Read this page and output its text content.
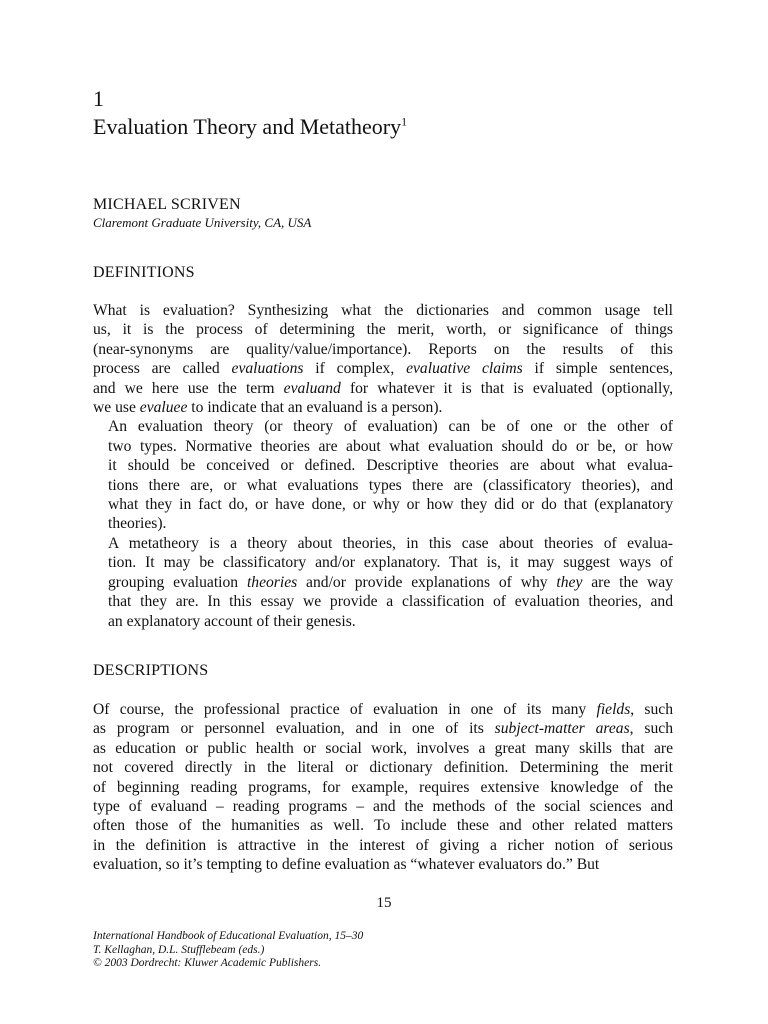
1
Evaluation Theory and Metatheory$^1$
MICHAEL SCRIVEN
Claremont Graduate University, CA, USA
DEFINITIONS

What is evaluation? Synthesizing what the dictionaries and common usage tell
us, it is the process of determining the merit, worth, or significance of things
(near-synonyms are quality/value/importance). Reports on the results of this
process are called evaluations if complex, evaluative claims if simple sentences,
and we here use the term evaluand for whatever it is that is evaluated (optionally,
we use evaluee to indicate that an evaluand is a person).

An evaluation theory (or theory of evaluation) can be of one or the other of
two types. Normative theories are about what evaluation should do or be, or how
it should be conceived or defined. Descriptive theories are about what evalua-
tions there are, or what evaluations types there are (classificatory theories), and
what they in fact do, or have done, or why or how they did or do that (explanatory
theories).

A metatheory is a theory about theories, in this case about theories of evalua-
tion. It may be classificatory and/or explanatory. That is, it may suggest ways of
grouping evaluation theories and/or provide explanations of why they are the way
that they are. In this essay we provide a classification of evaluation theories, and
an explanatory account of their genesis.

DESCRIPTIONS

Of course, the professional practice of evaluation in one of its many fields, such
as program or personnel evaluation, and in one of its subject-matter areas, such
as education or public health or social work, involves a great many skills that are
not covered directly in the literal or dictionary definition. Determining the merit
of beginning reading programs, for example, requires extensive knowledge of the
type of evaluand – reading programs – and the methods of the social sciences and
often those of the humanities as well. To include these and other related matters
in the definition is attractive in the interest of giving a richer notion of serious
evaluation, so it’s tempting to define evaluation as “whatever evaluators do.” But

15
International Handbook of Educational Evaluation, 15–30
T. Kellaghan, D.L. Stufflebeam (eds.)
© 2003 Dordrecht: Kluwer Academic Publishers.
